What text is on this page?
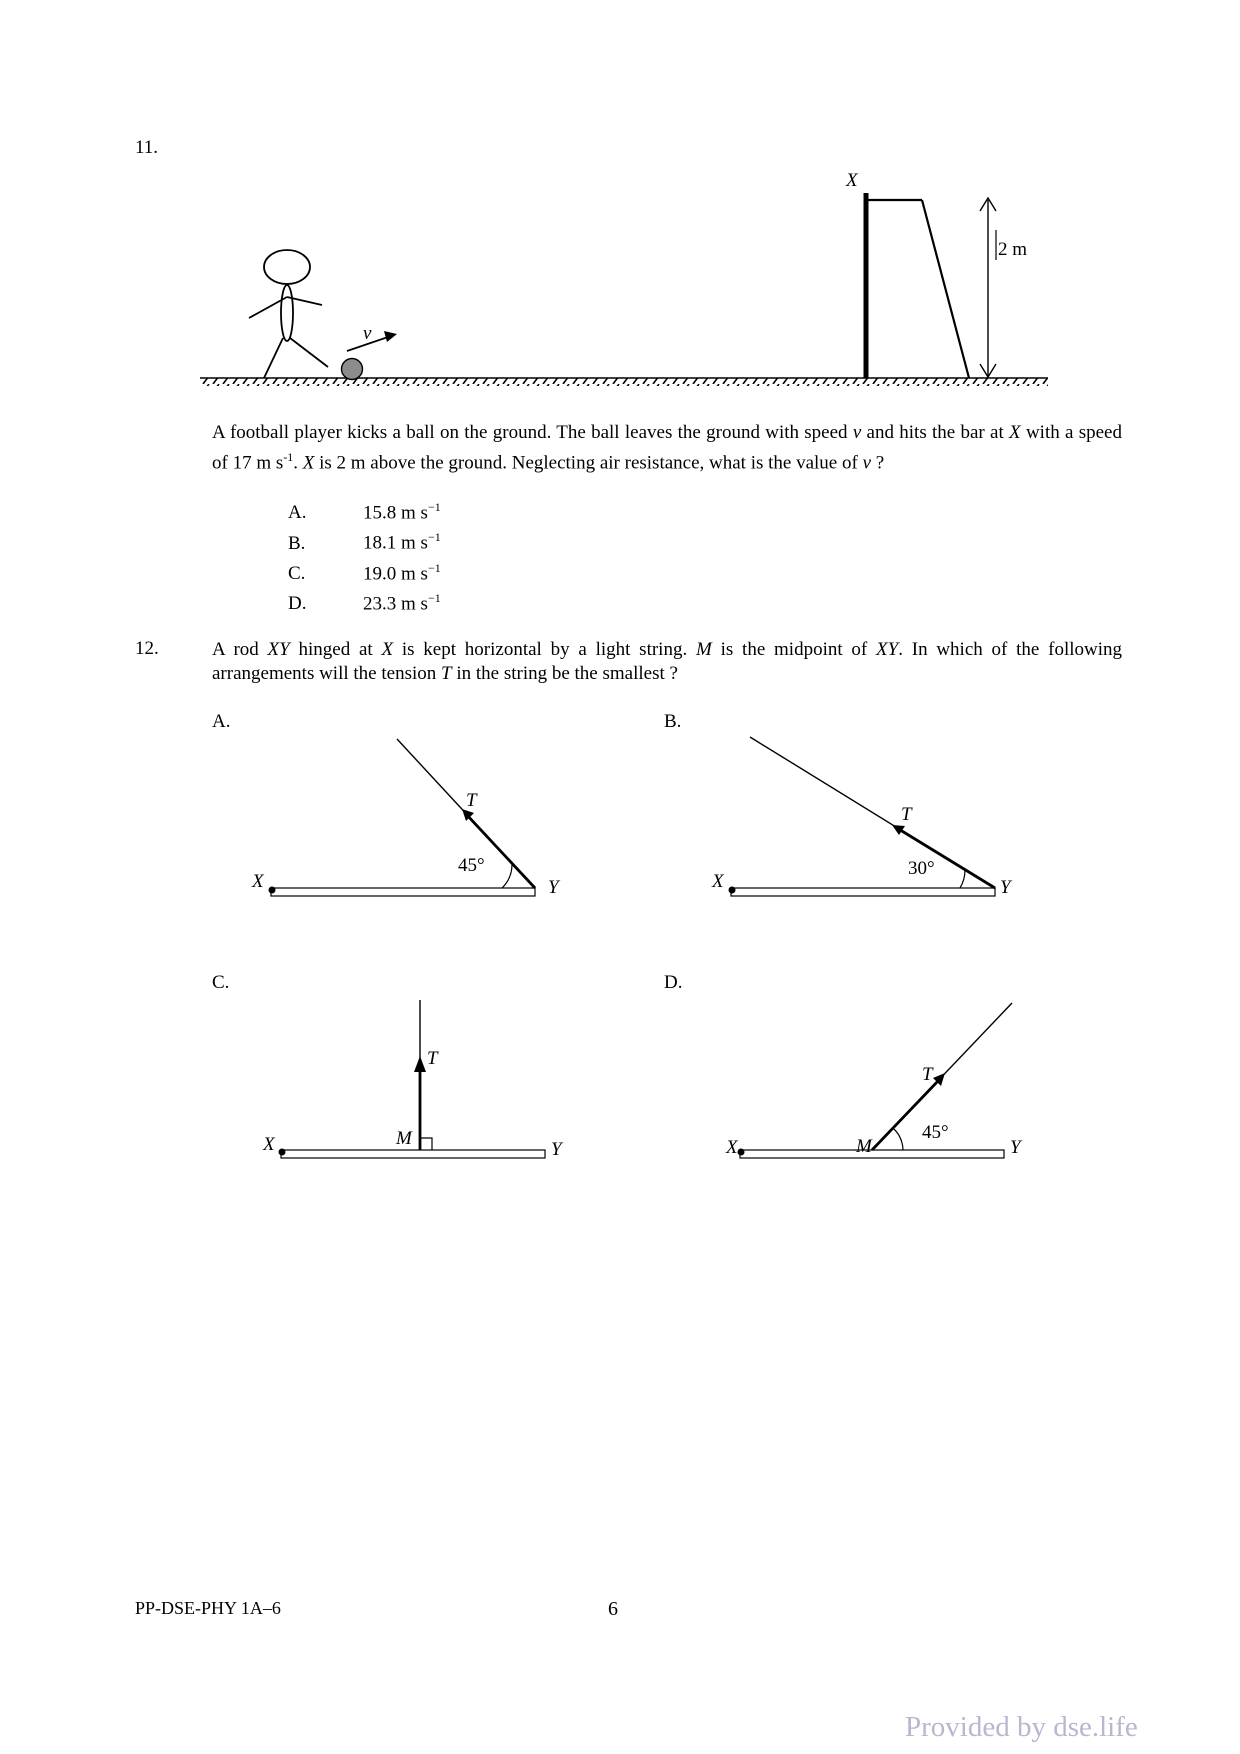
11.
v
X
2 m
A football player kicks a ball on the ground. The ball leaves the ground with speed v and hits the bar at X with a speed of 17 m $s^{-1}$. X is 2 m above the ground. Neglecting air resistance, what is the value of v ?
A.	15.8 m $s^{-1}$
B.	18.1 m $s^{-1}$
C.	19.0 m $s^{-1}$
D.	23.3 m $s^{-1}$
12.	A rod XY hinged at X is kept horizontal by a light string. M is the midpoint of XY. In which of the following arrangements will the tension T in the string be the smallest ?
A.	B.
C.	D.
45°
T
X	Y
30°
T
X	Y
T
M
X	Y
45°
T
M
X	Y
PP-DSE-PHY 1A–6	6
Provided by dse.life
